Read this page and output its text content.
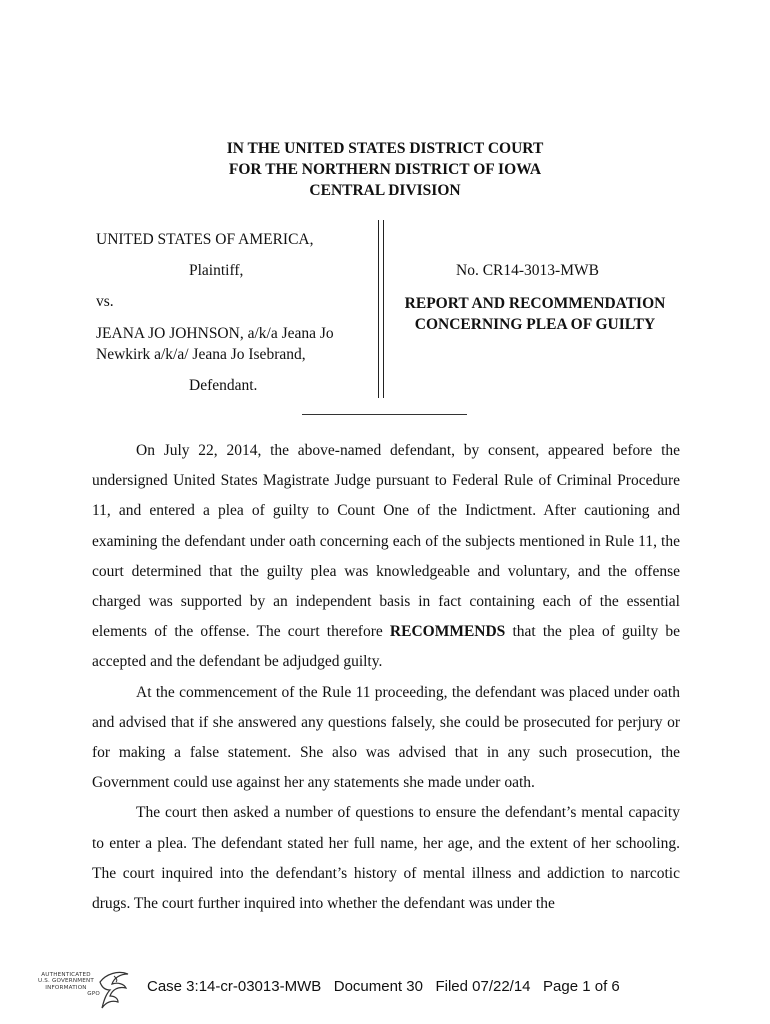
IN THE UNITED STATES DISTRICT COURT
FOR THE NORTHERN DISTRICT OF IOWA
CENTRAL DIVISION
UNITED STATES OF AMERICA,
Plaintiff,
vs.
JEANA JO JOHNSON, a/k/a Jeana Jo Newkirk a/k/a/ Jeana Jo Isebrand,
Defendant.
No. CR14-3013-MWB
REPORT AND RECOMMENDATION
CONCERNING PLEA OF GUILTY

On July 22, 2014, the above-named defendant, by consent, appeared before the undersigned United States Magistrate Judge pursuant to Federal Rule of Criminal Procedure 11, and entered a plea of guilty to Count One of the Indictment. After cautioning and examining the defendant under oath concerning each of the subjects mentioned in Rule 11, the court determined that the guilty plea was knowledgeable and voluntary, and the offense charged was supported by an independent basis in fact containing each of the essential elements of the offense. The court therefore RECOMMENDS that the plea of guilty be accepted and the defendant be adjudged guilty.

At the commencement of the Rule 11 proceeding, the defendant was placed under oath and advised that if she answered any questions falsely, she could be prosecuted for perjury or for making a false statement. She also was advised that in any such prosecution, the Government could use against her any statements she made under oath.

The court then asked a number of questions to ensure the defendant’s mental capacity to enter a plea. The defendant stated her full name, her age, and the extent of her schooling. The court inquired into the defendant’s history of mental illness and addiction to narcotic drugs. The court further inquired into whether the defendant was under the

AUTHENTICATED
U.S. GOVERNMENT
INFORMATION
GPO	Case 3:14-cr-03013-MWB   Document 30   Filed 07/22/14   Page 1 of 6
